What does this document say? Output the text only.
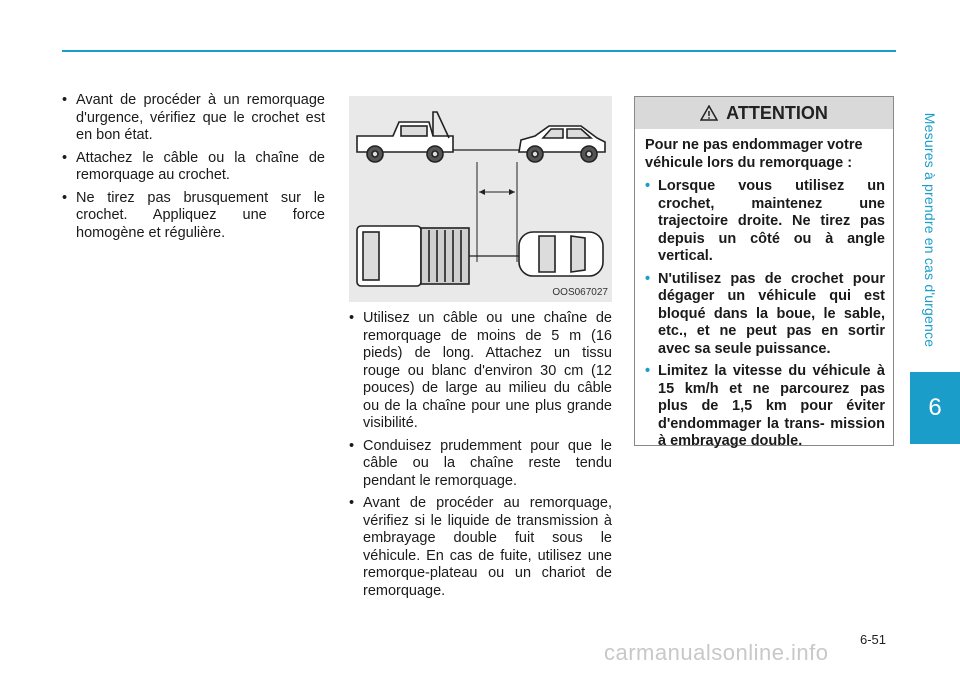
Mesures à prendre en cas d'urgence
6
• Avant de procéder à un remorquage d'urgence, vérifiez que le crochet est en bon état.
• Attachez le câble ou la chaîne de remorquage au crochet.
• Ne tirez pas brusquement sur le crochet. Appliquez une force homogène et régulière.
OOS067027
• Utilisez un câble ou une chaîne de remorquage de moins de 5 m (16 pieds) de long. Attachez un tissu rouge ou blanc d'environ 30 cm (12 pouces) de large au milieu du câble ou de la chaîne pour une plus grande visibilité.
• Conduisez prudemment pour que le câble ou la chaîne reste tendu pendant le remorquage.
• Avant de procéder au remorquage, vérifiez si le liquide de transmission à embrayage double fuit sous le véhicule. En cas de fuite, utilisez une remorque-plateau ou un chariot de remorquage.
ATTENTION

Pour ne pas endommager votre véhicule lors du remorquage :

• Lorsque vous utilisez un crochet, maintenez une trajectoire droite. Ne tirez pas depuis un côté ou à angle vertical.
• N'utilisez pas de crochet pour dégager un véhicule qui est bloqué dans la boue, le sable, etc., et ne peut pas en sortir avec sa seule puissance.
• Limitez la vitesse du véhicule à 15 km/h et ne parcourez pas plus de 1,5 km pour éviter d'endommager la trans- mission à embrayage double.
6-51
carmanualsonline.info
